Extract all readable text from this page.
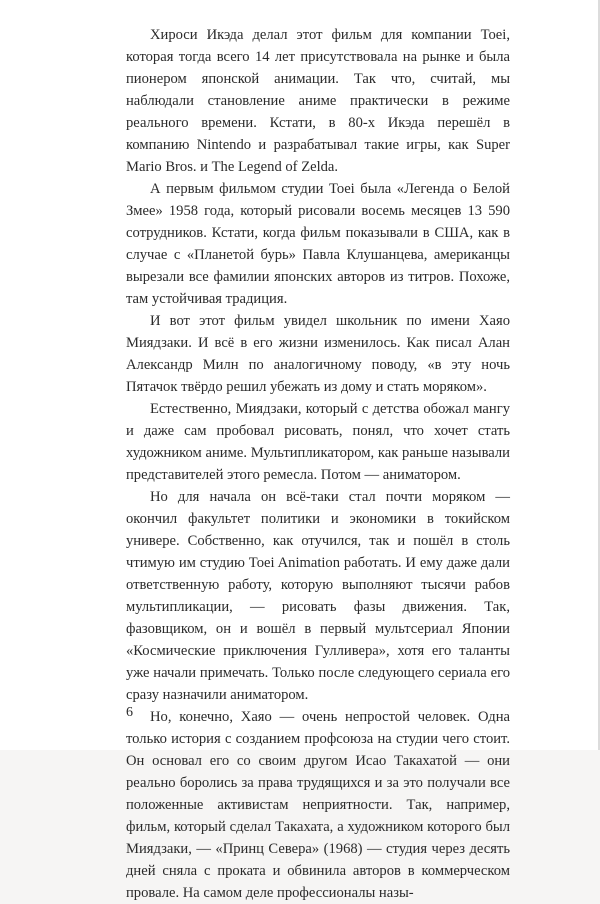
Хироси Икэда делал этот фильм для компании Toei, которая тогда всего 14 лет присутствовала на рынке и была пионером японской анимации. Так что, считай, мы наблюдали становление аниме практически в режиме реального времени. Кстати, в 80-х Икэда перешёл в компанию Nintendo и разрабатывал такие игры, как Super Mario Bros. и The Legend of Zelda.

А первым фильмом студии Toei была «Легенда о Белой Змее» 1958 года, который рисовали восемь месяцев 13 590 сотрудников. Кстати, когда фильм показывали в США, как в случае с «Планетой бурь» Павла Клушанцева, американцы вырезали все фамилии японских авторов из титров. Похоже, там устойчивая традиция.

И вот этот фильм увидел школьник по имени Хаяо Миядзаки. И всё в его жизни изменилось. Как писал Алан Александр Милн по аналогичному поводу, «в эту ночь Пятачок твёрдо решил убежать из дому и стать моряком».

Естественно, Миядзаки, который с детства обожал мангу и даже сам пробовал рисовать, понял, что хочет стать художником аниме. Мультипликатором, как раньше называли представителей этого ремесла. Потом — аниматором.

Но для начала он всё-таки стал почти моряком — окончил факультет политики и экономики в токийском универе. Собственно, как отучился, так и пошёл в столь чтимую им студию Toei Animation работать. И ему даже дали ответственную работу, которую выполняют тысячи рабов мультипликации, — рисовать фазы движения. Так, фазовщиком, он и вошёл в первый мультсериал Японии «Космические приключения Гулливера», хотя его таланты уже начали примечать. Только после следующего сериала его сразу назначили аниматором.

Но, конечно, Хаяо — очень непростой человек. Одна только история с созданием профсоюза на студии чего стоит. Он основал его со своим другом Исао Такахатой — они реально боролись за права трудящихся и за это получали все положенные активистам неприятности. Так, например, фильм, который сделал Такахата, а художником которого был Миядзаки, — «Принц Севера» (1968) — студия через десять дней сняла с проката и обвинила авторов в коммерческом провале. На самом деле профессионалы назы-

6
